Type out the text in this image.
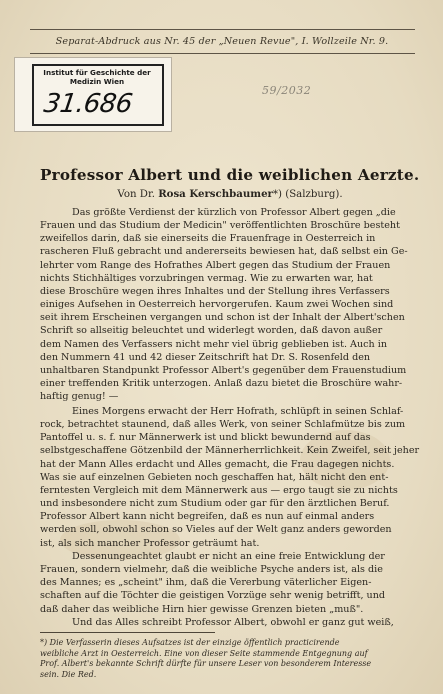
Separat-Abdruck aus Nr. 45 der „Neuen Revue", I. Wollzeile Nr. 9.
Institut für Geschichte der Medizin Wien
31.686	59/2032
Professor Albert und die weiblichen Aerzte.
Von Dr. Rosa Kerschbaumer*) (Salzburg).
Das größte Verdienst der kürzlich von Professor Albert gegen „die
Frauen und das Studium der Medicin" veröffentlichten Broschüre besteht
zweifellos darin, daß sie einerseits die Frauenfrage in Oesterreich in
rascheren Fluß gebracht und andererseits bewiesen hat, daß selbst ein Ge-
lehrter vom Range des Hofrathes Albert gegen das Studium der Frauen
nichts Stichhältiges vorzubringen vermag. Wie zu erwarten war, hat
diese Broschüre wegen ihres Inhaltes und der Stellung ihres Verfassers
einiges Aufsehen in Oesterreich hervorgerufen. Kaum zwei Wochen sind
seit ihrem Erscheinen vergangen und schon ist der Inhalt der Albert'schen
Schrift so allseitig beleuchtet und widerlegt worden, daß davon außer
dem Namen des Verfassers nicht mehr viel übrig geblieben ist. Auch in
den Nummern 41 und 42 dieser Zeitschrift hat Dr. S. Rosenfeld den
unhaltbaren Standpunkt Professor Albert's gegenüber dem Frauenstudium
einer treffenden Kritik unterzogen. Anlaß dazu bietet die Broschüre wahr-
haftig genug! —
Eines Morgens erwacht der Herr Hofrath, schlüpft in seinen Schlaf-
rock, betrachtet staunend, daß alles Werk, von seiner Schlafmütze bis zum
Pantoffel u. s. f. nur Männerwerk ist und blickt bewundernd auf das
selbstgeschaffene Götzenbild der Männerherrlichkeit. Kein Zweifel, seit jeher
hat der Mann Alles erdacht und Alles gemacht, die Frau dagegen nichts.
Was sie auf einzelnen Gebieten noch geschaffen hat, hält nicht den ent-
ferntesten Vergleich mit dem Männerwerk aus — ergo taugt sie zu nichts
und insbesondere nicht zum Studium oder gar für den ärztlichen Beruf.
Professor Albert kann nicht begreifen, daß es nun auf einmal anders
werden soll, obwohl schon so Vieles auf der Welt ganz anders geworden
ist, als sich mancher Professor geträumt hat.
Dessenungeachtet glaubt er nicht an eine freie Entwicklung der
Frauen, sondern vielmehr, daß die weibliche Psyche anders ist, als die
des Mannes; es „scheint" ihm, daß die Vererbung väterlicher Eigen-
schaften auf die Töchter die geistigen Vorzüge sehr wenig betrifft, und
daß daher das weibliche Hirn hier gewisse Grenzen bieten „muß".
Und das Alles schreibt Professor Albert, obwohl er ganz gut weiß,
*) Die Verfasserin dieses Aufsatzes ist der einzige öffentlich practicirende
weibliche Arzt in Oesterreich. Eine von dieser Seite stammende Entgegnung auf
Prof. Albert's bekannte Schrift dürfte für unsere Leser von besonderem Interesse
sein. Die Red.
